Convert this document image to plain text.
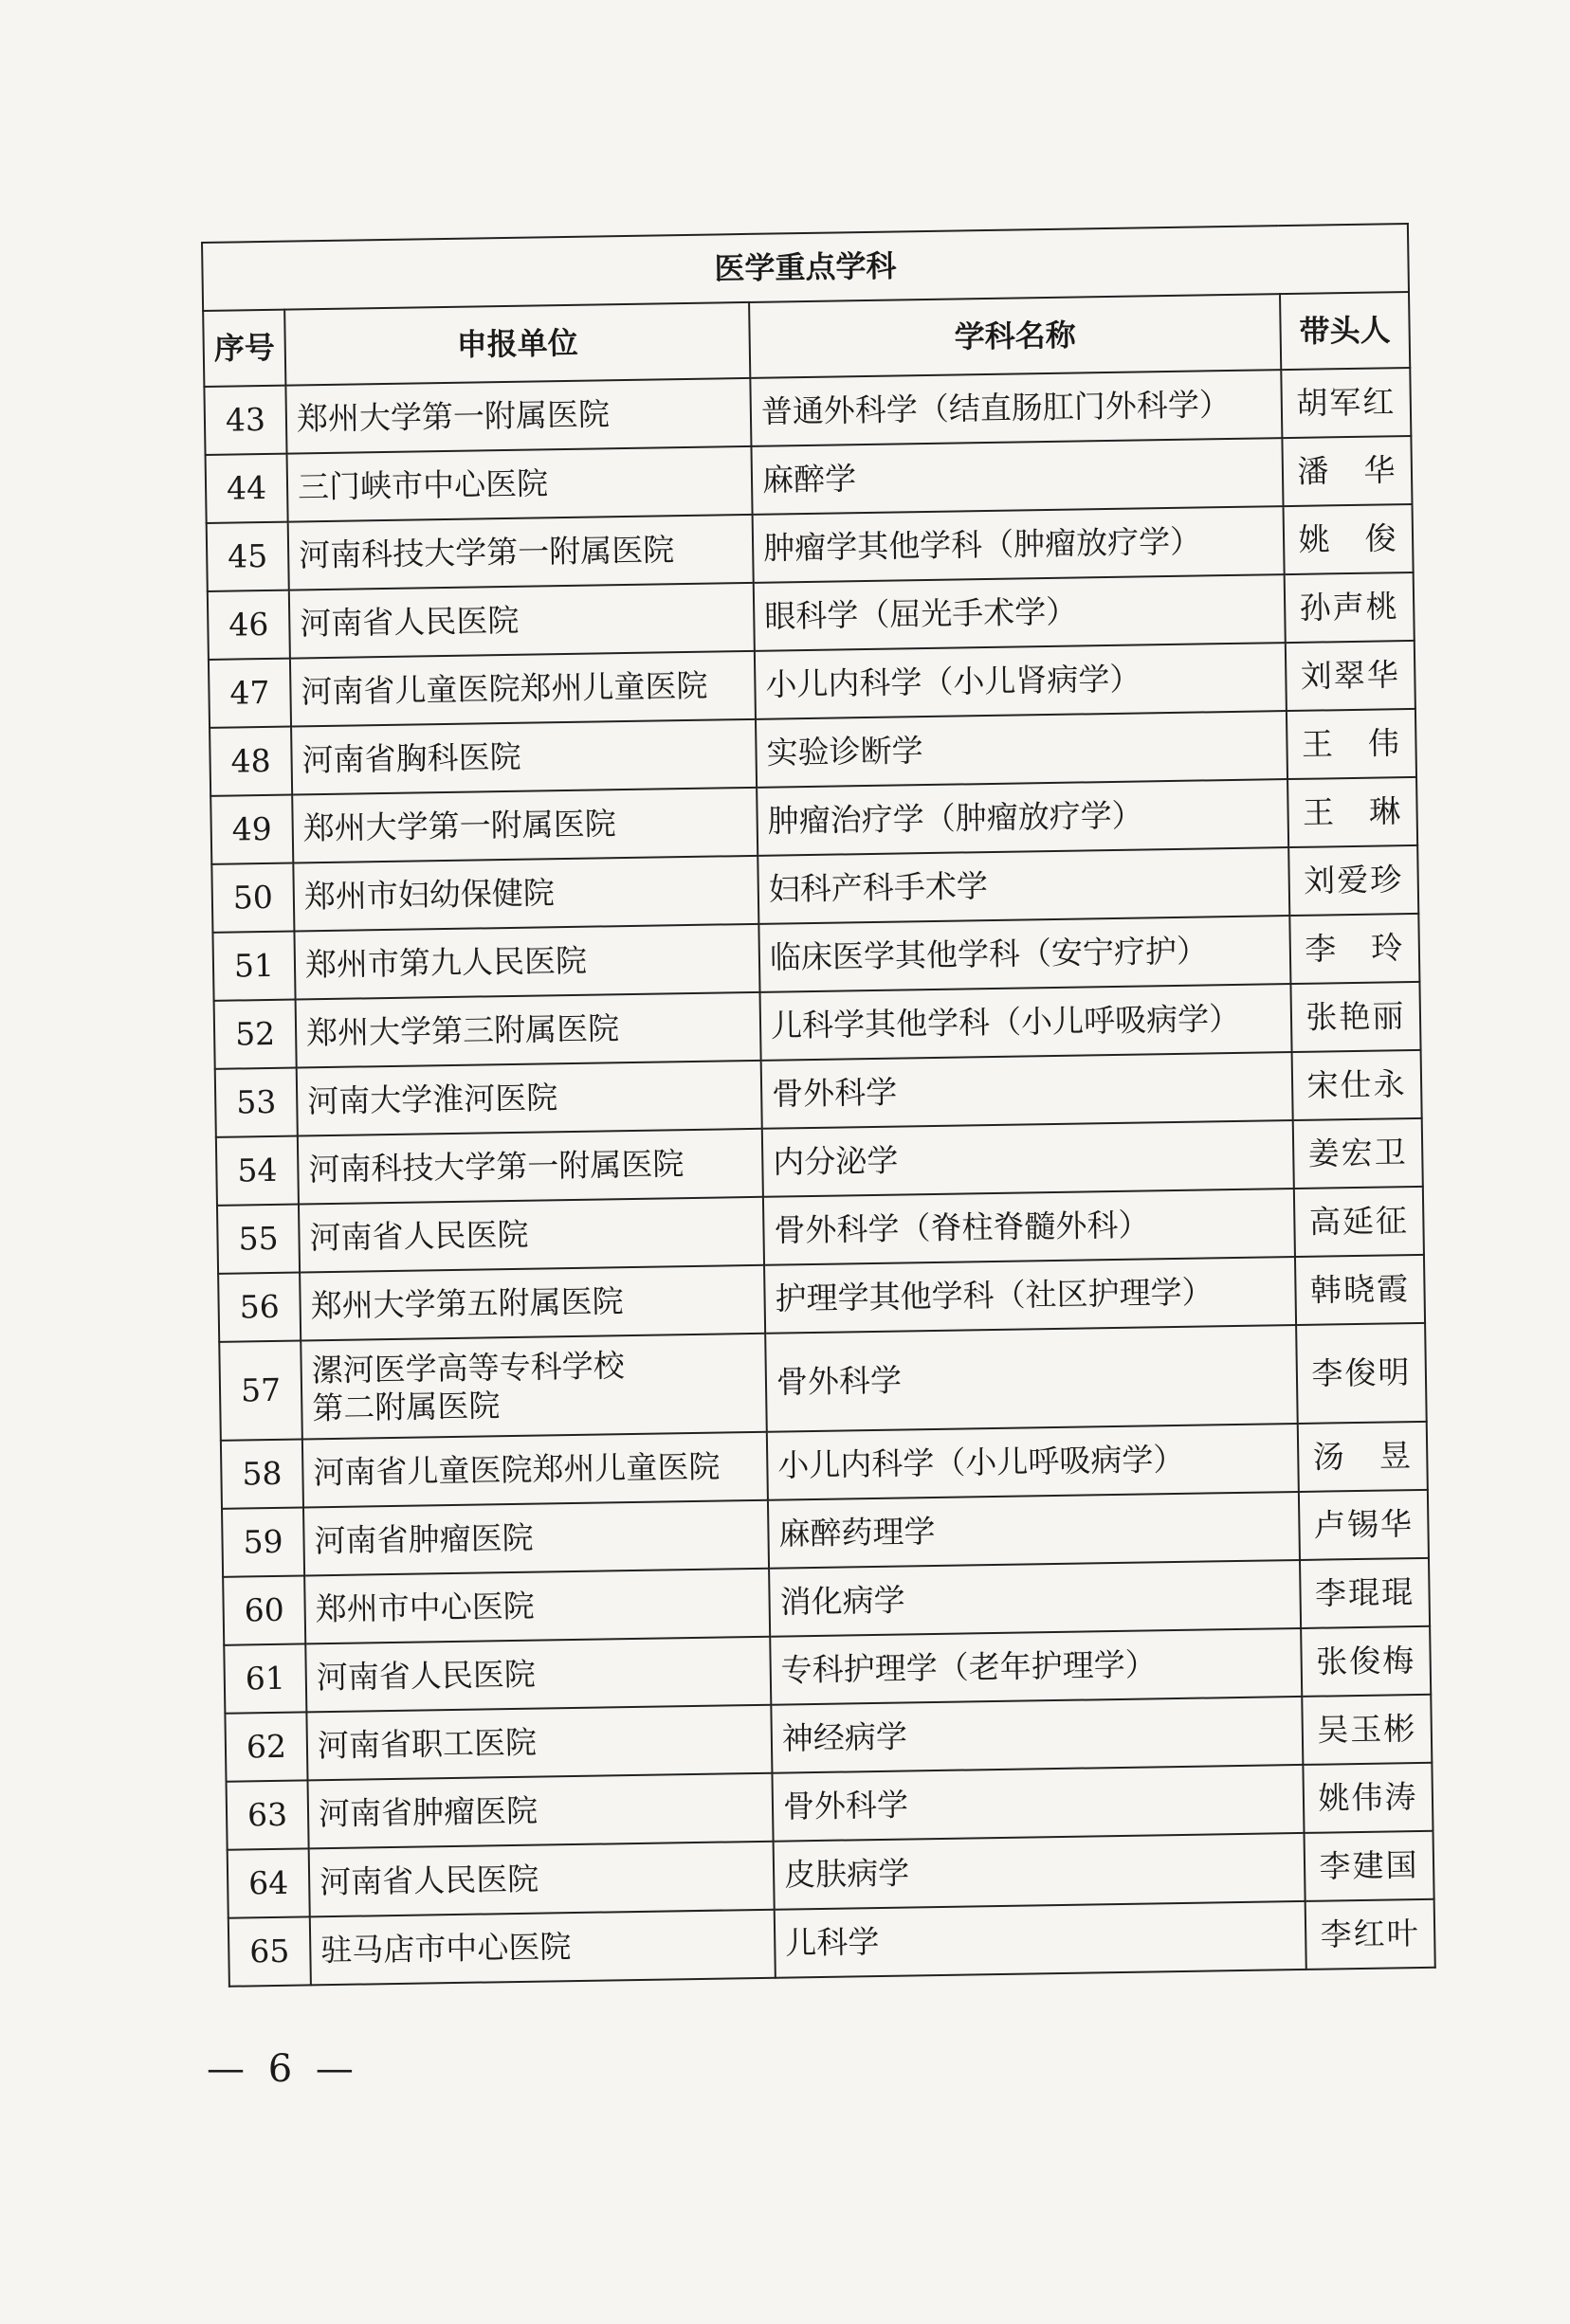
医学重点学科			
序号	申报单位	学科名称	带头人
43	郑州大学第一附属医院	普通外科学（结直肠肛门外科学）	胡军红
44	三门峡市中心医院	麻醉学	潘　华
45	河南科技大学第一附属医院	肿瘤学其他学科（肿瘤放疗学）	姚　俊
46	河南省人民医院	眼科学（屈光手术学）	孙声桃
47	河南省儿童医院郑州儿童医院	小儿内科学（小儿肾病学）	刘翠华
48	河南省胸科医院	实验诊断学	王　伟
49	郑州大学第一附属医院	肿瘤治疗学（肿瘤放疗学）	王　琳
50	郑州市妇幼保健院	妇科产科手术学	刘爱珍
51	郑州市第九人民医院	临床医学其他学科（安宁疗护）	李　玲
52	郑州大学第三附属医院	儿科学其他学科（小儿呼吸病学）	张艳丽
53	河南大学淮河医院	骨外科学	宋仕永
54	河南科技大学第一附属医院	内分泌学	姜宏卫
55	河南省人民医院	骨外科学（脊柱脊髓外科）	高延征
56	郑州大学第五附属医院	护理学其他学科（社区护理学）	韩晓霞
57	漯河医学高等专科学校
第二附属医院	骨外科学	李俊明
58	河南省儿童医院郑州儿童医院	小儿内科学（小儿呼吸病学）	汤　昱
59	河南省肿瘤医院	麻醉药理学	卢锡华
60	郑州市中心医院	消化病学	李琨琨
61	河南省人民医院	专科护理学（老年护理学）	张俊梅
62	河南省职工医院	神经病学	吴玉彬
63	河南省肿瘤医院	骨外科学	姚伟涛
64	河南省人民医院	皮肤病学	李建国
65	驻马店市中心医院	儿科学	李红叶
— 6 —
